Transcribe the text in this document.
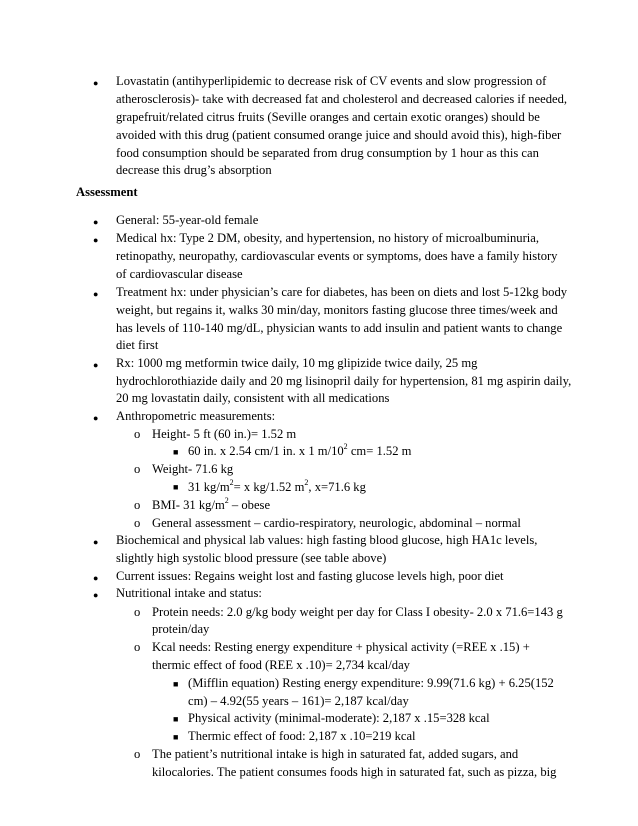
● Lovastatin (antihyperlipidemic to decrease risk of CV events and slow progression of
atherosclerosis)- take with decreased fat and cholesterol and decreased calories if needed,
grapefruit/related citrus fruits (Seville oranges and certain exotic oranges) should be
avoided with this drug (patient consumed orange juice and should avoid this), high-fiber
food consumption should be separated from drug consumption by 1 hour as this can
decrease this drug’s absorption
Assessment
● General: 55-year-old female
● Medical hx: Type 2 DM, obesity, and hypertension, no history of microalbuminuria,
retinopathy, neuropathy, cardiovascular events or symptoms, does have a family history
of cardiovascular disease
● Treatment hx: under physician’s care for diabetes, has been on diets and lost 5-12kg body
weight, but regains it, walks 30 min/day, monitors fasting glucose three times/week and
has levels of 110-140 mg/dL, physician wants to add insulin and patient wants to change
diet first
● Rx: 1000 mg metformin twice daily, 10 mg glipizide twice daily, 25 mg
hydrochlorothiazide daily and 20 mg lisinopril daily for hypertension, 81 mg aspirin daily,
20 mg lovastatin daily, consistent with all medications
● Anthropometric measurements:
o Height- 5 ft (60 in.)= 1.52 m
■ 60 in. x 2.54 cm/1 in. x 1 $m/10^2$ cm= 1.52 m
o Weight- 71.6 kg
■ 31 $kg/m^2= x$ kg/1.52 $m^2$, x=71.6 kg
o BMI- 31 $kg/m^2$ – obese
o General assessment – cardio-respiratory, neurologic, abdominal – normal
● Biochemical and physical lab values: high fasting blood glucose, high HA1c levels,
slightly high systolic blood pressure (see table above)
● Current issues: Regains weight lost and fasting glucose levels high, poor diet
● Nutritional intake and status:
o Protein needs: 2.0 g/kg body weight per day for Class I obesity- 2.0 x 71.6=143 g
protein/day
o Kcal needs: Resting energy expenditure + physical activity (=REE x .15) +
thermic effect of food (REE x .10)= 2,734 kcal/day
■ (Mifflin equation) Resting energy expenditure: 9.99(71.6 kg) + 6.25(152
cm) – 4.92(55 years – 161)= 2,187 kcal/day
■ Physical activity (minimal-moderate): 2,187 x .15=328 kcal
■ Thermic effect of food: 2,187 x .10=219 kcal
o The patient’s nutritional intake is high in saturated fat, added sugars, and
kilocalories. The patient consumes foods high in saturated fat, such as pizza, big
